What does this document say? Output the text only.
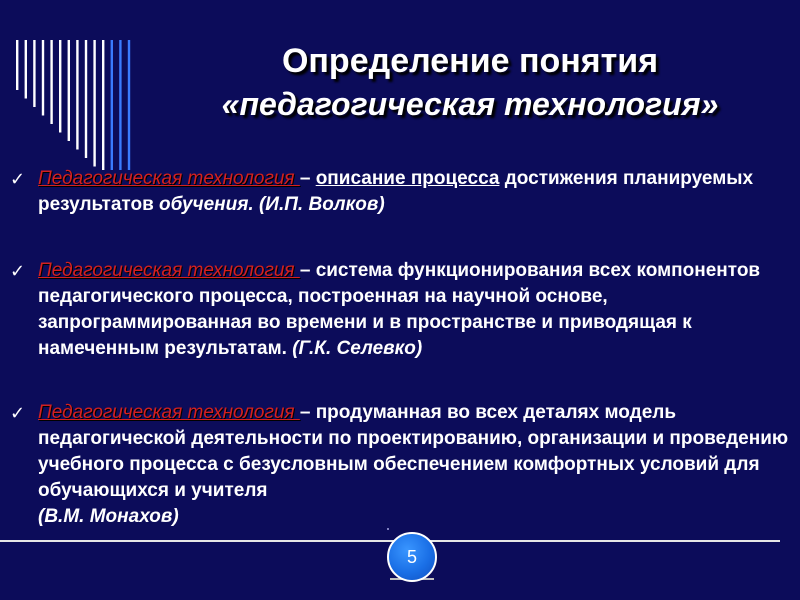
Определение понятия
«педагогическая технология»
✓ Педагогическая технология – описание процесса достижения планируемых результатов обучения. (И.П. Волков)
✓ Педагогическая технология – система функционирования всех компонентов педагогического процесса, построенная на научной основе, запрограммированная во времени и в пространстве и приводящая к намеченным результатам. (Г.К. Селевко)
✓ Педагогическая технология – продуманная во всех деталях модель педагогической деятельности по проектированию, организации и проведению учебного процесса с безусловным обеспечением комфортных условий для обучающихся и учителя
(В.М. Монахов)
5
